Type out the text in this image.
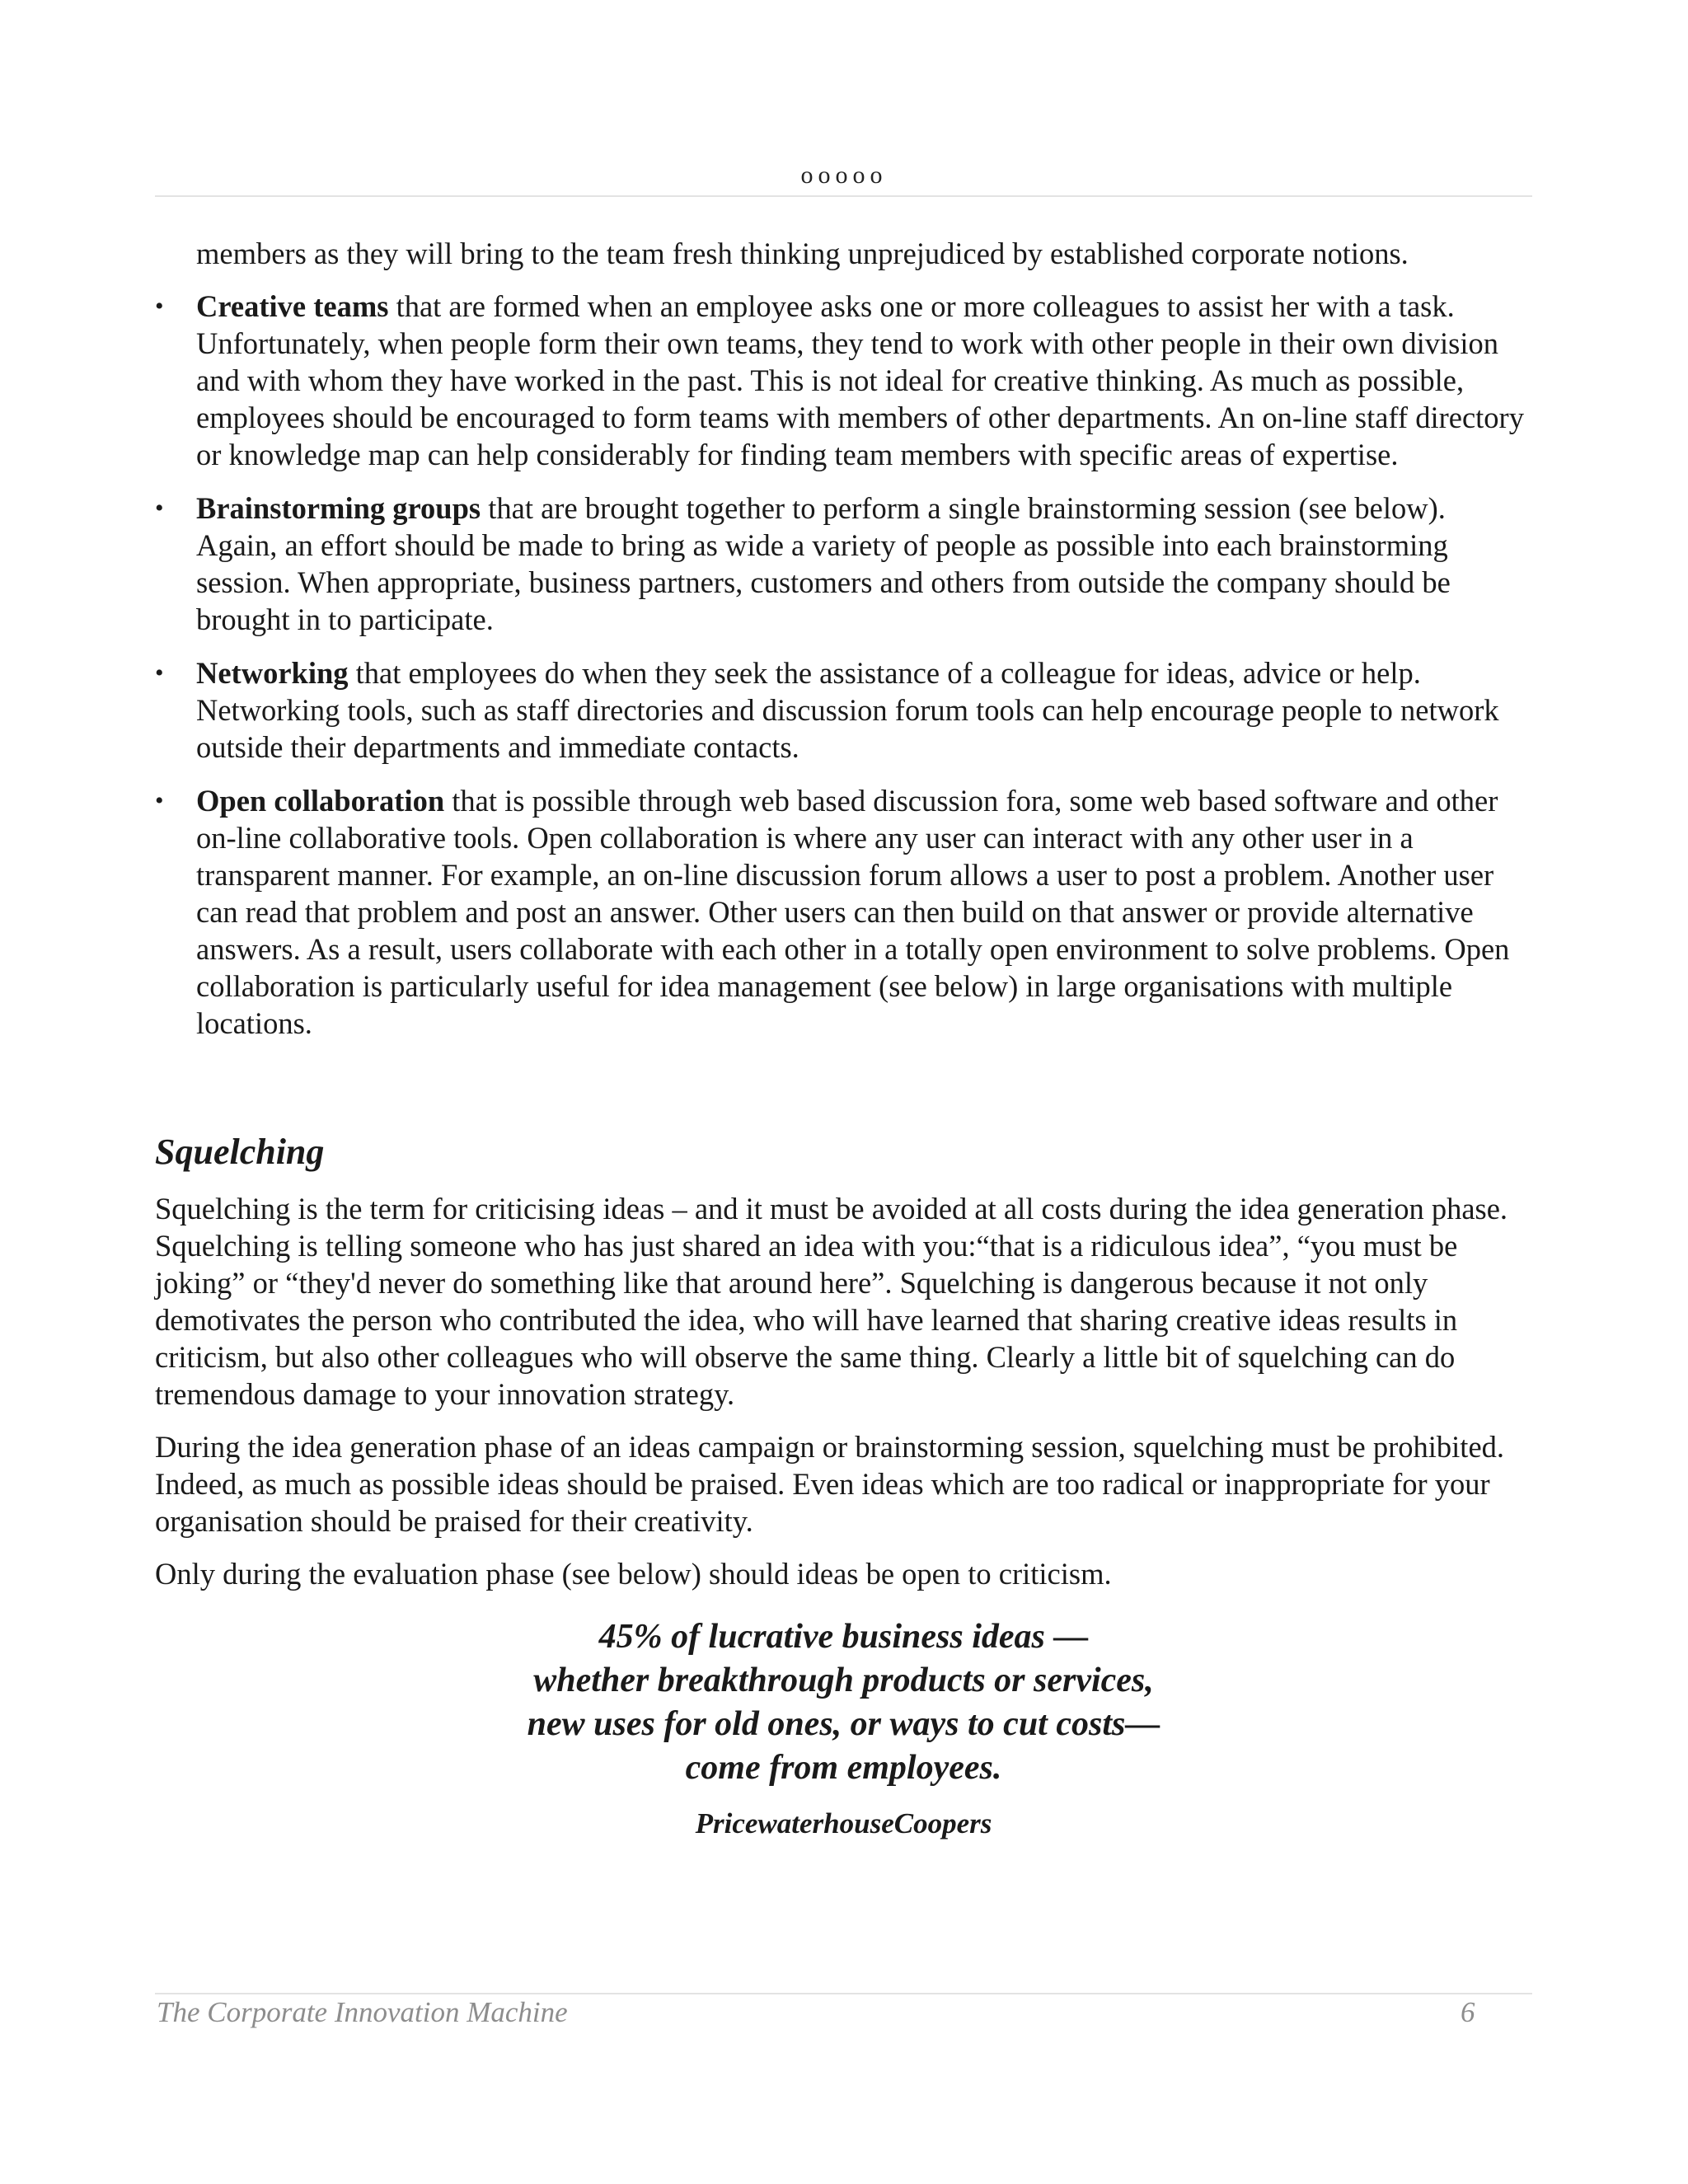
ooooo

members as they will bring to the team fresh thinking unprejudiced by established corporate notions.

• Creative teams that are formed when an employee asks one or more colleagues to assist her with a task. Unfortunately, when people form their own teams, they tend to work with other people in their own division and with whom they have worked in the past. This is not ideal for creative thinking. As much as possible, employees should be encouraged to form teams with members of other departments. An on-line staff directory or knowledge map can help considerably for finding team members with specific areas of expertise.
• Brainstorming groups that are brought together to perform a single brainstorming session (see below). Again, an effort should be made to bring as wide a variety of people as possible into each brainstorming session. When appropriate, business partners, customers and others from outside the company should be brought in to participate.
• Networking that employees do when they seek the assistance of a colleague for ideas, advice or help. Networking tools, such as staff directories and discussion forum tools can help encourage people to network outside their departments and immediate contacts.
• Open collaboration that is possible through web based discussion fora, some web based software and other on-line collaborative tools. Open collaboration is where any user can interact with any other user in a transparent manner. For example, an on-line discussion forum allows a user to post a problem. Another user can read that problem and post an answer. Other users can then build on that answer or provide alternative answers. As a result, users collaborate with each other in a totally open environment to solve problems. Open collaboration is particularly useful for idea management (see below) in large organisations with multiple locations.
Squelching

Squelching is the term for criticising ideas – and it must be avoided at all costs during the idea generation phase. Squelching is telling someone who has just shared an idea with you:“that is a ridiculous idea”, “you must be joking” or “they'd never do something like that around here”. Squelching is dangerous because it not only demotivates the person who contributed the idea, who will have learned that sharing creative ideas results in criticism, but also other colleagues who will observe the same thing. Clearly a little bit of squelching can do tremendous damage to your innovation strategy.

During the idea generation phase of an ideas campaign or brainstorming session, squelching must be prohibited. Indeed, as much as possible ideas should be praised. Even ideas which are too radical or inappropriate for your organisation should be praised for their creativity.

Only during the evaluation phase (see below) should ideas be open to criticism.

45% of lucrative business ideas —
whether breakthrough products or services,
new uses for old ones, or ways to cut costs—
come from employees.
PricewaterhouseCoopers
The Corporate Innovation Machine	6
